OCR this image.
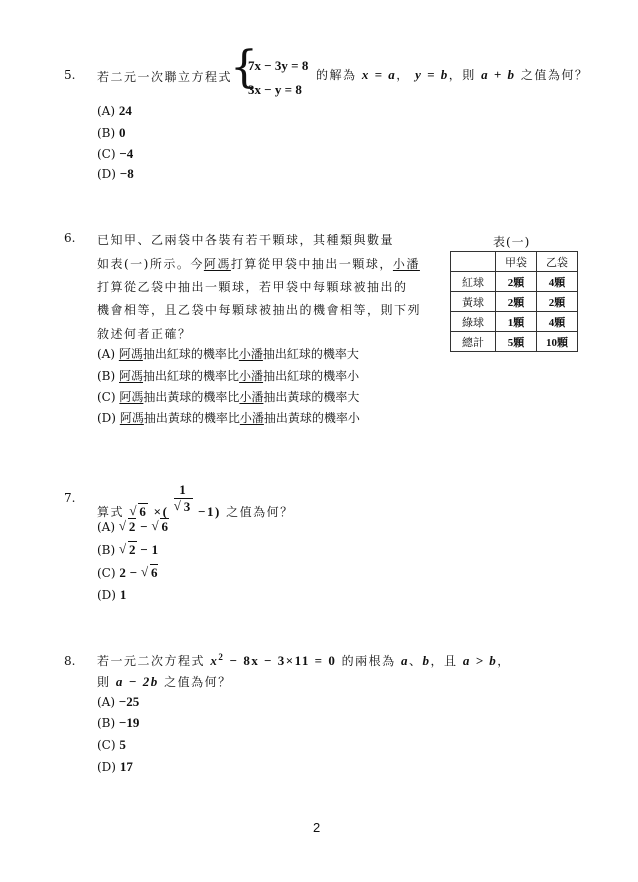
5. 若二元一次聯立方程式
{
7x − 3y = 8
3x − y = 8
的解為 x = a， y = b，則 a + b 之值為何？
(A) 24
(B) 0
(C) −4
(D) −8
6. 已知甲、乙兩袋中各裝有若干顆球，其種類與數量
如表(一)所示。今阿馮打算從甲袋中抽出一顆球，小潘
打算從乙袋中抽出一顆球，若甲袋中每顆球被抽出的
機會相等，且乙袋中每顆球被抽出的機會相等，則下列
敘述何者正確？
(A) 阿馮抽出紅球的機率比小潘抽出紅球的機率大
(B) 阿馮抽出紅球的機率比小潘抽出紅球的機率小
(C) 阿馮抽出黃球的機率比小潘抽出黃球的機率大
(D) 阿馮抽出黃球的機率比小潘抽出黃球的機率小
表(一)
	甲袋	乙袋
紅球	2顆	4顆
黃球	2顆	2顆
綠球	1顆	4顆
總計	5顆	10顆
7.
算式 √ 6 ×( 1
√ 3 −1) 之值為何？
(A) √ 2 − √ 6
(B) √ 2 − 1
(C) 2 − √ 6
(D) 1
8. 若一元二次方程式 $x^2 - 8x - 3\times 11 = 0$ 的兩根為 a、b，且 a > b，
則 a − 2b 之值為何？
(A) −25
(B) −19
(C) 5
(D) 17
2
